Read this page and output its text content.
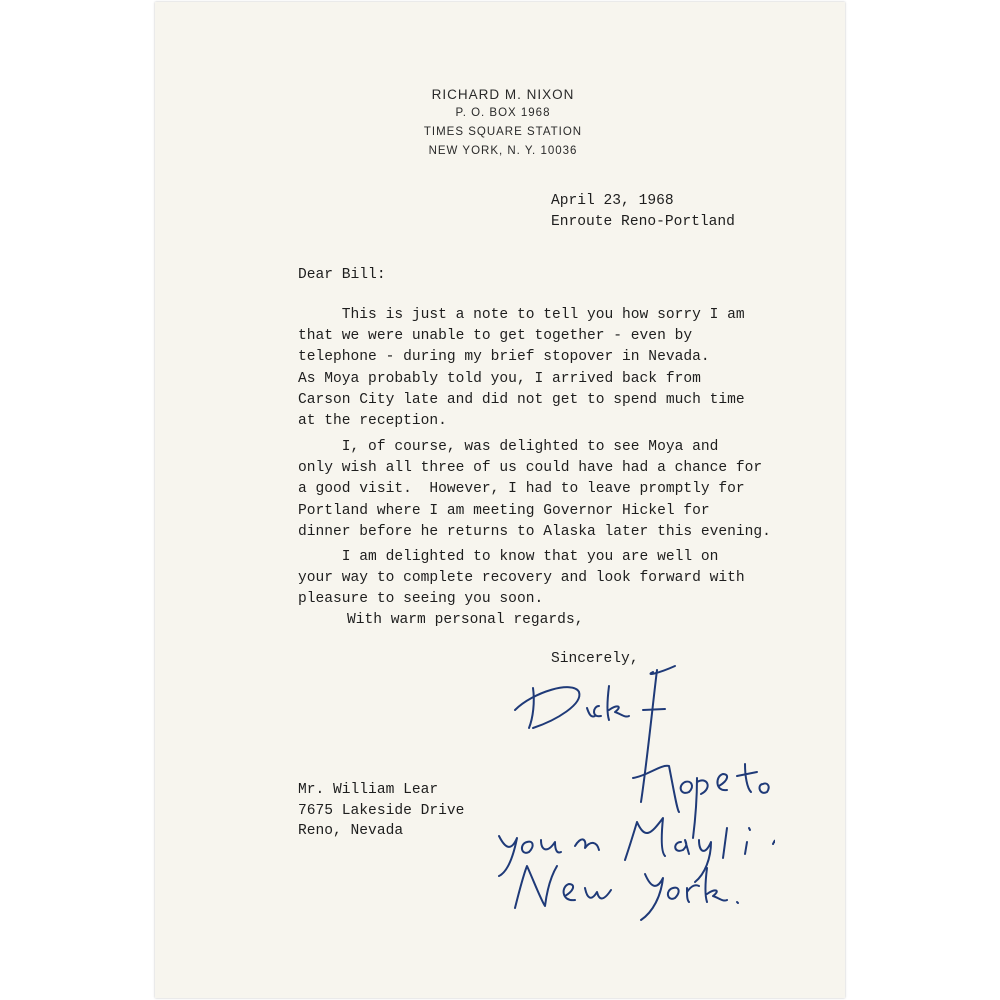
RICHARD M. NIXON
P. O. BOX 1968
TIMES SQUARE STATION
NEW YORK, N. Y. 10036
April 23, 1968
Enroute Reno-Portland
Dear Bill:
This is just a note to tell you how sorry I am
that we were unable to get together - even by
telephone - during my brief stopover in Nevada.
As Moya probably told you, I arrived back from
Carson City late and did not get to spend much time
at the reception.
I, of course, was delighted to see Moya and
only wish all three of us could have had a chance for
a good visit.  However, I had to leave promptly for
Portland where I am meeting Governor Hickel for
dinner before he returns to Alaska later this evening.
I am delighted to know that you are well on
your way to complete recovery and look forward with
pleasure to seeing you soon.
With warm personal regards,
Sincerely,
Mr. William Lear
7675 Lakeside Drive
Reno, Nevada
